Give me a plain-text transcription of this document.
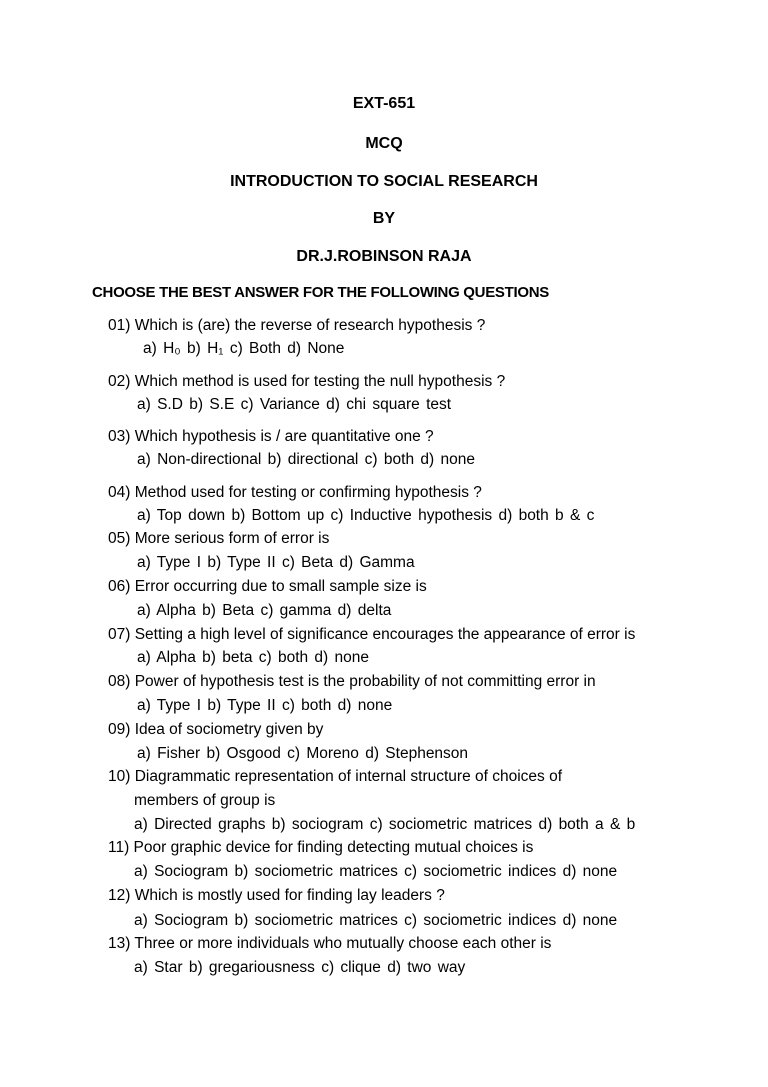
EXT-651
MCQ
INTRODUCTION TO SOCIAL RESEARCH
BY
DR.J.ROBINSON RAJA
CHOOSE THE BEST ANSWER FOR THE FOLLOWING QUESTIONS
01) Which is (are) the reverse of research hypothesis ?
a) H₀ b) H₁ c) Both d) None
02) Which method is used for testing the null hypothesis ?
a) S.D b) S.E c) Variance d) chi square test
03) Which hypothesis is / are quantitative one ?
a) Non-directional b) directional c) both d) none
04) Method used for testing or confirming hypothesis ?
a) Top down b) Bottom up c) Inductive hypothesis d) both b & c
05) More serious form of error is
a) Type I b) Type II c) Beta d) Gamma
06) Error occurring due to small sample size is
a) Alpha b) Beta c) gamma d) delta
07) Setting a high level of significance encourages the appearance of error is
a) Alpha b) beta c) both d) none
08) Power of hypothesis test is the probability of not committing error in
a) Type I b) Type II c) both d) none
09) Idea of sociometry given by
a) Fisher b) Osgood c) Moreno d) Stephenson
10) Diagrammatic representation of internal structure of choices of
members of group is
a) Directed graphs b) sociogram c) sociometric matrices d) both a & b
11) Poor graphic device for finding detecting mutual choices is
a) Sociogram b) sociometric matrices c) sociometric indices d) none
12) Which is mostly used for finding lay leaders ?
a) Sociogram b) sociometric matrices c) sociometric indices d) none
13) Three or more individuals who mutually choose each other is
a) Star b) gregariousness c) clique d) two way
